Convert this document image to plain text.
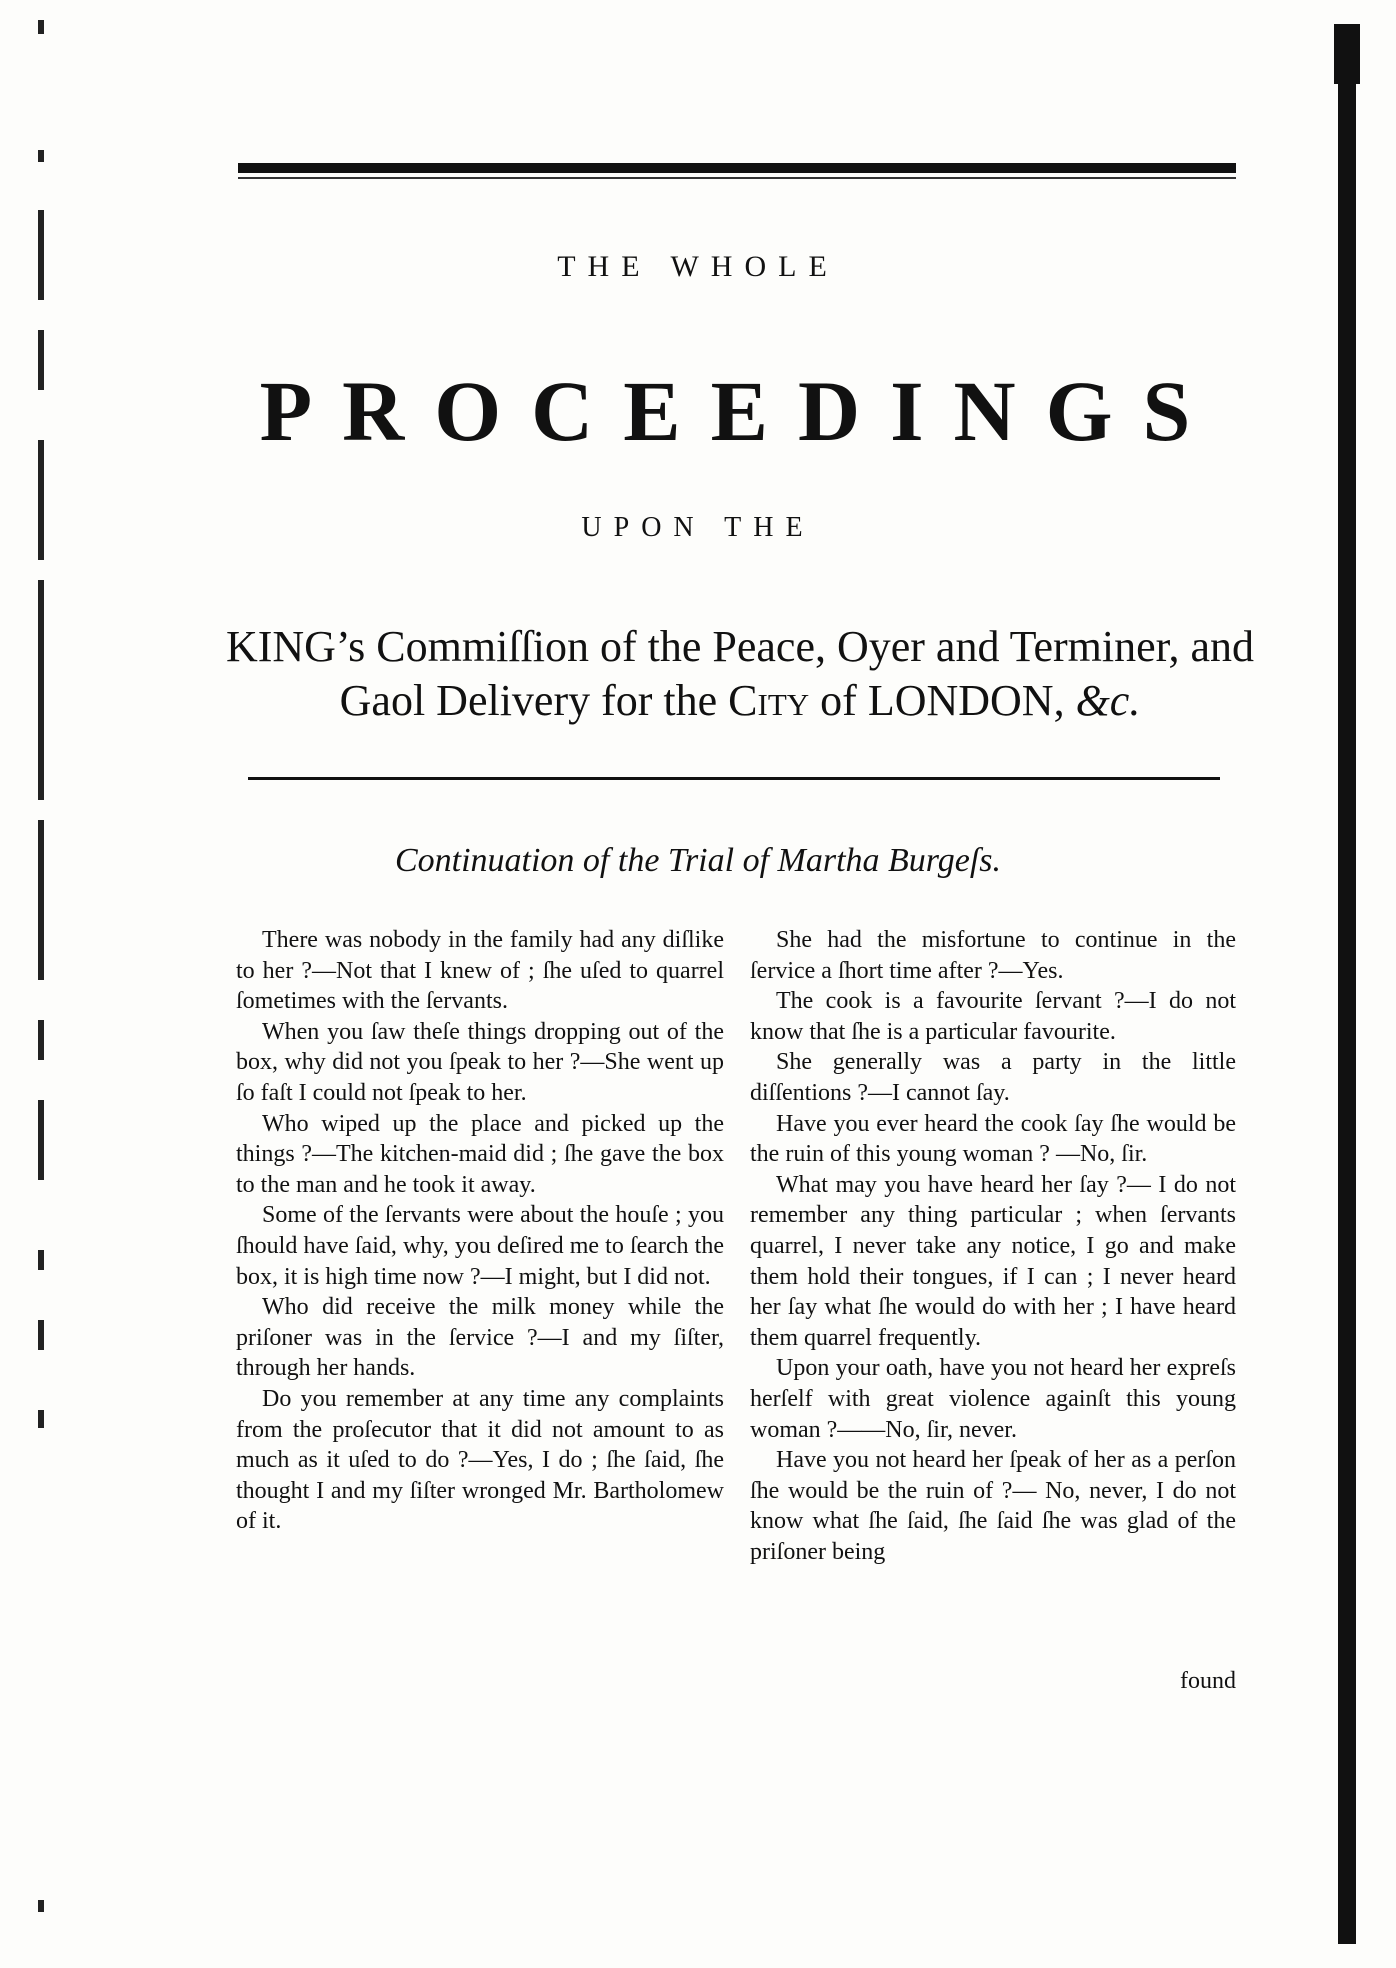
THE WHOLE
PROCEEDINGS
UPON THE
KING’s Commiſſion of the Peace, Oyer and Terminer, and
Gaol Delivery for the City of LONDON, &c.
Continuation of the Trial of Martha Burgeſs.

There was nobody in the family had any diſlike to her ?—Not that I knew of ; ſhe uſed to quarrel ſometimes with the ſervants.

When you ſaw theſe things dropping out of the box, why did not you ſpeak to her ?—She went up ſo faſt I could not ſpeak to her.

Who wiped up the place and picked up the things ?—The kitchen-maid did ; ſhe gave the box to the man and he took it away.

Some of the ſervants were about the houſe ; you ſhould have ſaid, why, you deſired me to ſearch the box, it is high time now ?—I might, but I did not.

Who did receive the milk money while the priſoner was in the ſervice ?—I and my ſiſter, through her hands.

Do you remember at any time any complaints from the proſecutor that it did not amount to as much as it uſed to do ?—Yes, I do ; ſhe ſaid, ſhe thought I and my ſiſter wronged Mr. Bartholomew of it.

She had the misfortune to continue in the ſervice a ſhort time after ?—Yes.

The cook is a favourite ſervant ?—I do not know that ſhe is a particular favourite.

She generally was a party in the little diſſentions ?—I cannot ſay.

Have you ever heard the cook ſay ſhe would be the ruin of this young woman ? —No, ſir.

What may you have heard her ſay ?— I do not remember any thing particular ; when ſervants quarrel, I never take any notice, I go and make them hold their tongues, if I can ; I never heard her ſay what ſhe would do with her ; I have heard them quarrel frequently.

Upon your oath, have you not heard her expreſs herſelf with great violence againſt this young woman ?——No, ſir, never.

Have you not heard her ſpeak of her as a perſon ſhe would be the ruin of ?— No, never, I do not know what ſhe ſaid, ſhe ſaid ſhe was glad of the priſoner being

found
